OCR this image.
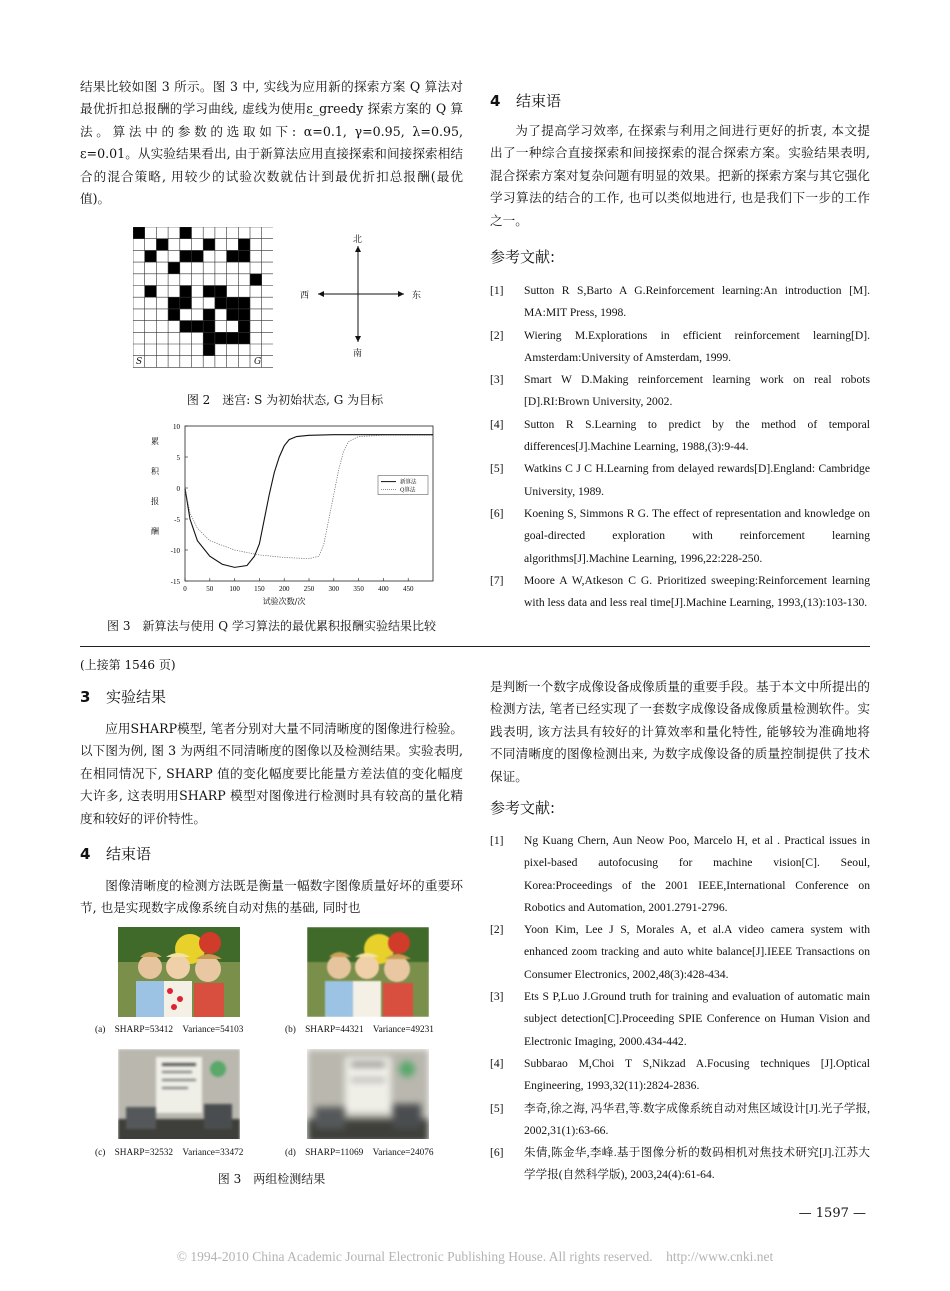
结果比较如图 3 所示。图 3 中, 实线为应用新的探索方案 Q 算法对最优折扣总报酬的学习曲线, 虚线为使用ε_greedy 探索方案的 Q 算法。算法中的参数的选取如下: α=0.1, γ=0.95, λ=0.95, ε=0.01。从实验结果看出, 由于新算法应用直接探索和间接探索相结合的混合策略, 用较少的试验次数就估计到最优折扣总报酬(最优值)。

S	G
北
南
西	东
图 2　迷宫: S 为初始状态, G 为目标
10
5
0
-5
-10
-15
0	50 100 150 200 250 300 350 400 450
试验次数/次
累
积
报
酬
新算法
Q算法
图 3　新算法与使用 Q 学习算法的最优累积报酬实验结果比较
4 结束语

为了提高学习效率, 在探索与利用之间进行更好的折衷, 本文提出了一种综合直接探索和间接探索的混合探索方案。实验结果表明, 混合探索方案对复杂问题有明显的效果。把新的探索方案与其它强化学习算法的结合的工作, 也可以类似地进行, 也是我们下一步的工作之一。

参考文献:
[1] Sutton R S,Barto A G.Reinforcement learning:An introduction [M]. MA:MIT Press, 1998.
[2] Wiering M.Explorations in efficient reinforcement learning[D]. Amsterdam:University of Amsterdam, 1999.
[3] Smart W D.Making reinforcement learning work on real robots [D].RI:Brown University, 2002.
[4] Sutton R S.Learning to predict by the method of temporal differences[J].Machine Learning, 1988,(3):9-44.
[5] Watkins C J C H.Learning from delayed rewards[D].England: Cambridge University, 1989.
[6] Koening S, Simmons R G. The effect of representation and knowledge on goal-directed exploration with reinforcement learning algorithms[J].Machine Learning, 1996,22:228-250.
[7] Moore A W,Atkeson C G. Prioritized sweeping:Reinforcement learning with less data and less real time[J].Machine Learning, 1993,(13):103-130.
(上接第 1546 页)
3 实验结果

应用SHARP模型, 笔者分别对大量不同清晰度的图像进行检验。以下图为例, 图 3 为两组不同清晰度的图像以及检测结果。实验表明, 在相同情况下, SHARP 值的变化幅度要比能量方差法值的变化幅度大许多, 这表明用SHARP 模型对图像进行检测时具有较高的量化精度和较好的评价特性。

4 结束语

图像清晰度的检测方法既是衡量一幅数字图像质量好坏的重要环节, 也是实现数字成像系统自动对焦的基础, 同时也

(a) SHARP=53412 Variance=54103	(b) SHARP=44321 Variance=49231
(c) SHARP=32532 Variance=33472	(d) SHARP=11069 Variance=24076
图 3　两组检测结果

是判断一个数字成像设备成像质量的重要手段。基于本文中所提出的检测方法, 笔者已经实现了一套数字成像设备成像质量检测软件。实践表明, 该方法具有较好的计算效率和量化特性, 能够较为准确地将不同清晰度的图像检测出来, 为数字成像设备的质量控制提供了技术保证。

参考文献:
[1] Ng Kuang Chern, Aun Neow Poo, Marcelo H, et al . Practical issues in pixel-based autofocusing for machine vision[C]. Seoul, Korea:Proceedings of the 2001 IEEE,International Conference on Robotics and Automation, 2001.2791-2796.
[2] Yoon Kim, Lee J S, Morales A, et al.A video camera system with enhanced zoom tracking and auto white balance[J].IEEE Transactions on Consumer Electronics, 2002,48(3):428-434.
[3] Ets S P,Luo J.Ground truth for training and evaluation of automatic main subject detection[C].Proceeding SPIE Conference on Human Vision and Electronic Imaging, 2000.434-442.
[4] Subbarao M,Choi T S,Nikzad A.Focusing techniques [J].Optical Engineering, 1993,32(11):2824-2836.
[5] 李奇,徐之海, 冯华君,等.数字成像系统自动对焦区域设计[J].光子学报, 2002,31(1):63-66.
[6] 朱倩,陈金华,李峰.基于图像分析的数码相机对焦技术研究[J].江苏大学学报(自然科学版), 2003,24(4):61-64.
— 1597 —
© 1994-2010 China Academic Journal Electronic Publishing House. All rights reserved.　http://www.cnki.net
